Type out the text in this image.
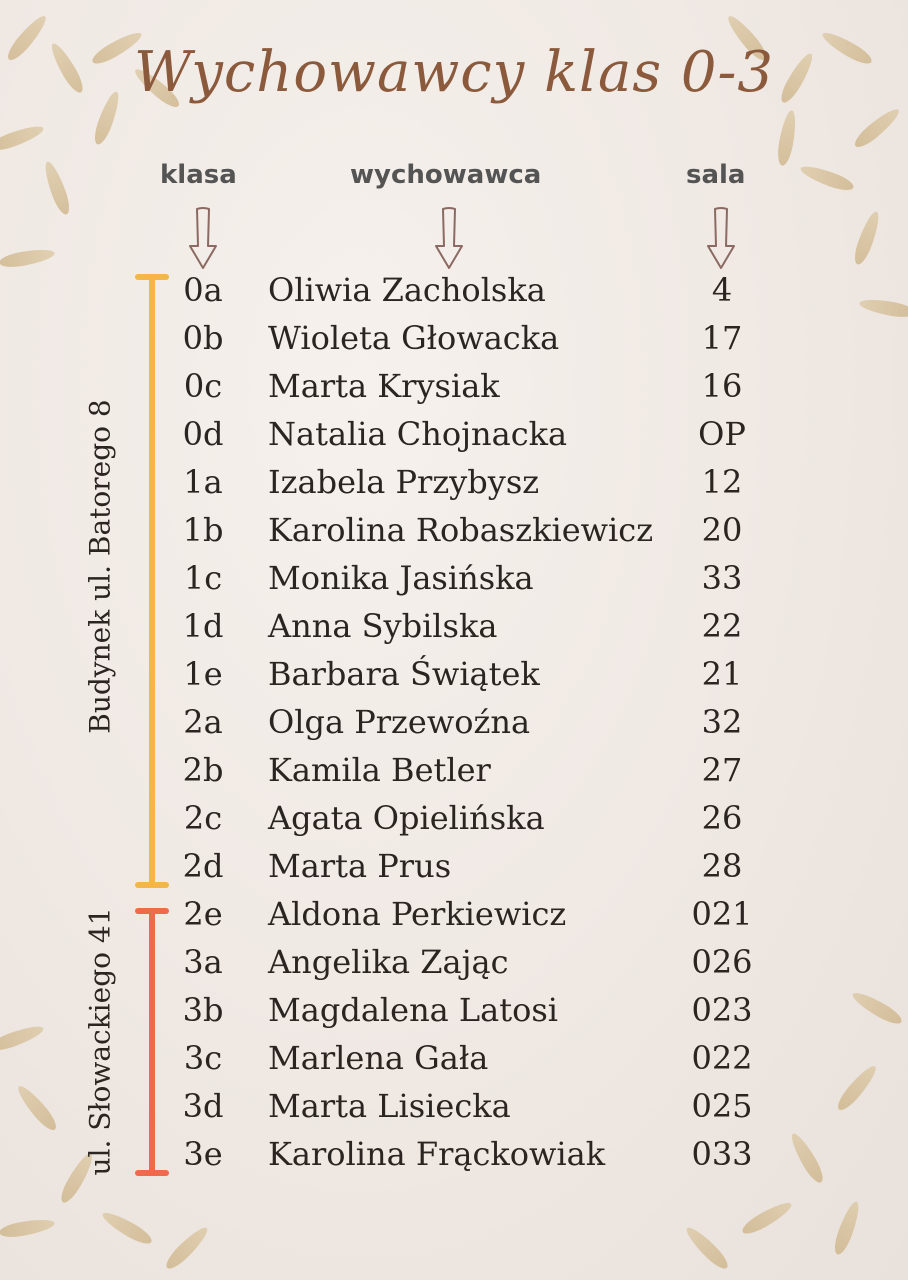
Wychowawcy klas 0-3
klasa	wychowawca	sala
Budynek ul. Batorego 8
ul. Słowackiego 41
0a	Oliwia Zacholska	4
0b	Wioleta Głowacka	17
0c	Marta Krysiak	16
0d	Natalia Chojnacka	OP
1a	Izabela Przybysz	12
1b	Karolina Robaszkiewicz	20
1c	Monika Jasińska	33
1d	Anna Sybilska	22
1e	Barbara Świątek	21
2a	Olga Przewoźna	32
2b	Kamila Betler	27
2c	Agata Opielińska	26
2d	Marta Prus	28
2e	Aldona Perkiewicz	021
3a	Angelika Zając	026
3b	Magdalena Latosi	023
3c	Marlena Gała	022
3d	Marta Lisiecka	025
3e	Karolina Frąckowiak	033
